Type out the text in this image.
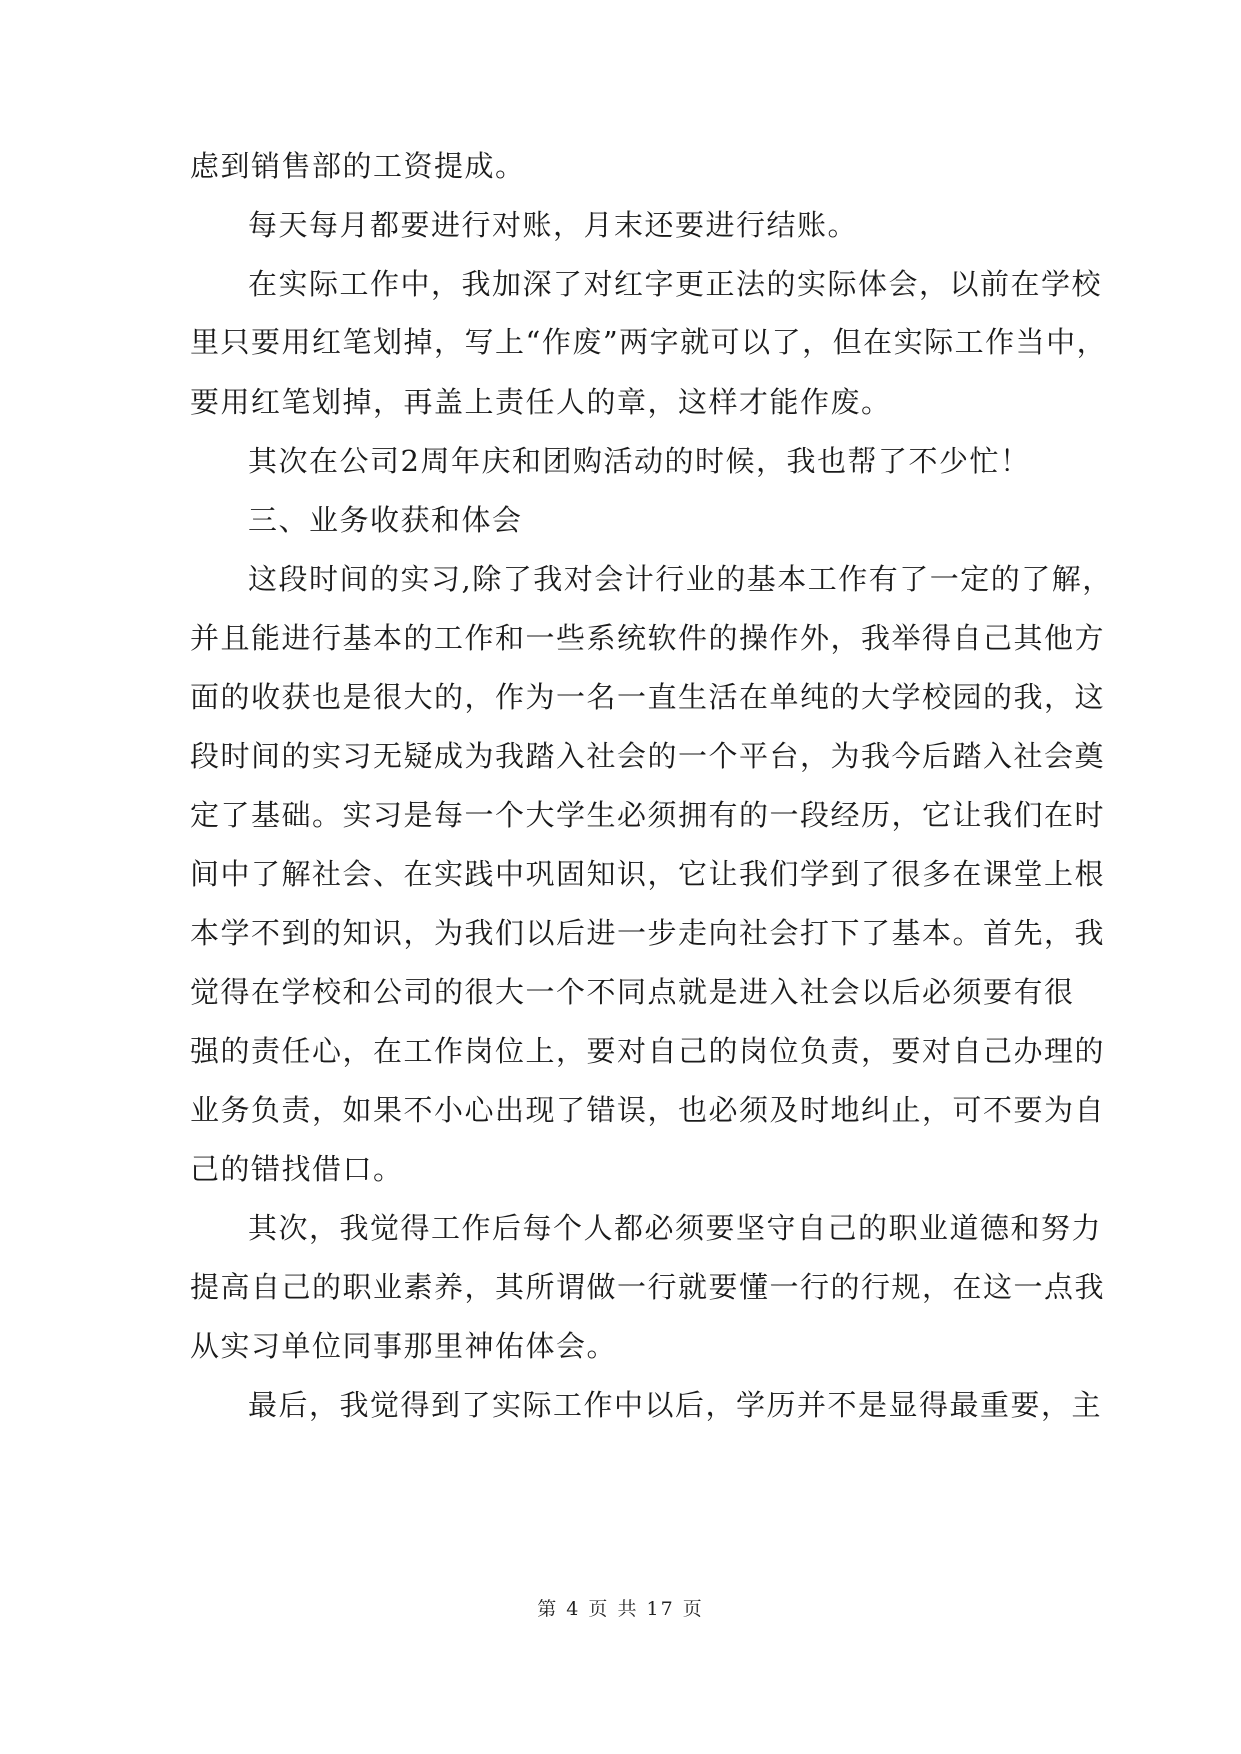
虑到销售部的工资提成。
每天每月都要进行对账，月末还要进行结账。
在实际工作中，我加深了对红字更正法的实际体会，以前在学校
里只要用红笔划掉，写上“作废”两字就可以了，但在实际工作当中，
要用红笔划掉，再盖上责任人的章，这样才能作废。
其次在公司2周年庆和团购活动的时候，我也帮了不少忙！
三、业务收获和体会
这段时间的实习,除了我对会计行业的基本工作有了一定的了解，
并且能进行基本的工作和一些系统软件的操作外，我举得自己其他方
面的收获也是很大的，作为一名一直生活在单纯的大学校园的我，这
段时间的实习无疑成为我踏入社会的一个平台，为我今后踏入社会奠
定了基础。实习是每一个大学生必须拥有的一段经历，它让我们在时
间中了解社会、在实践中巩固知识，它让我们学到了很多在课堂上根
本学不到的知识，为我们以后进一步走向社会打下了基本。首先，我
觉得在学校和公司的很大一个不同点就是进入社会以后必须要有很
强的责任心，在工作岗位上，要对自己的岗位负责，要对自己办理的
业务负责，如果不小心出现了错误，也必须及时地纠止，可不要为自
己的错找借口。
其次，我觉得工作后每个人都必须要坚守自己的职业道德和努力
提高自己的职业素养，其所谓做一行就要懂一行的行规，在这一点我
从实习单位同事那里神佑体会。
最后，我觉得到了实际工作中以后，学历并不是显得最重要，主
第 4 页 共 17 页
